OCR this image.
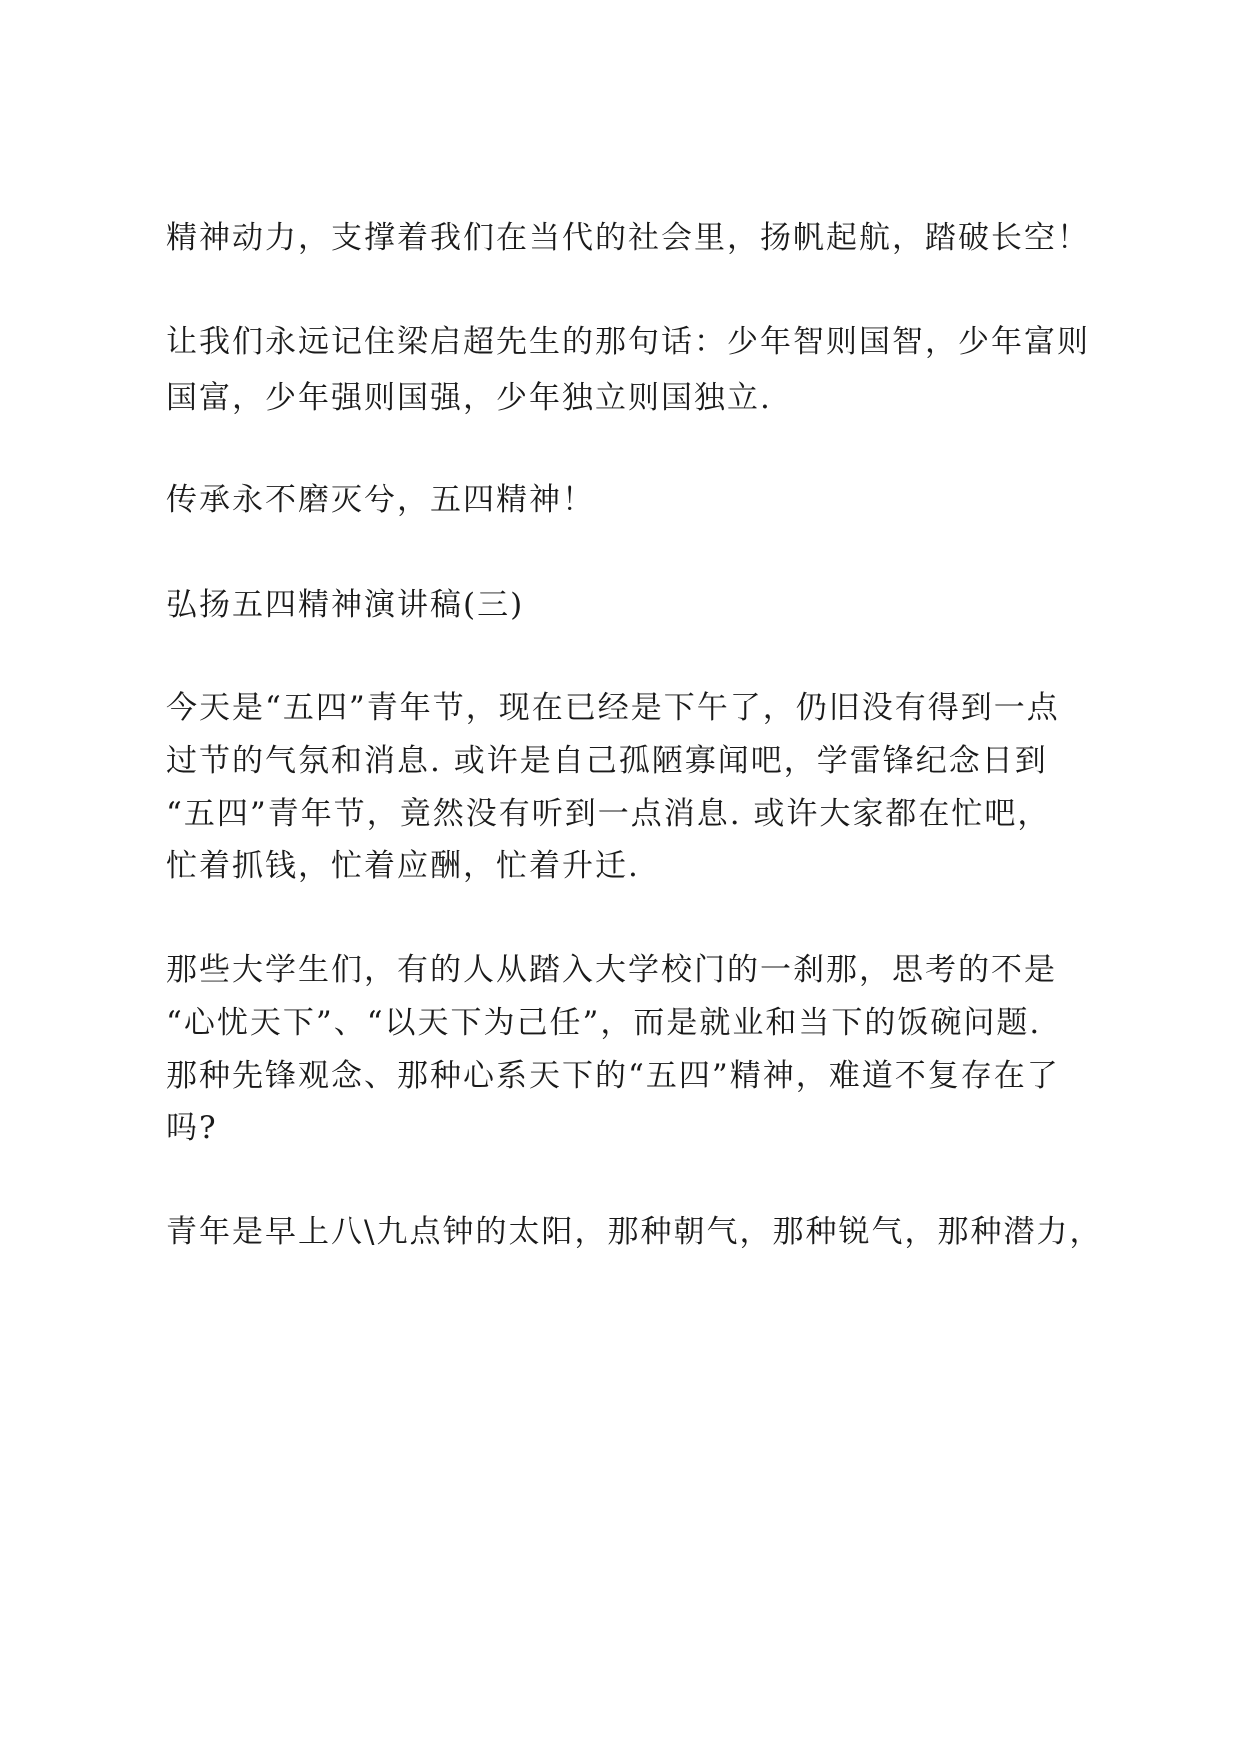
精神动力，支撑着我们在当代的社会里，扬帆起航，踏破长空！
让我们永远记住梁启超先生的那句话：少年智则国智，少年富则
国富，少年强则国强，少年独立则国独立.
传承永不磨灭兮，五四精神！
弘扬五四精神演讲稿(三)
今天是“五四”青年节，现在已经是下午了，仍旧没有得到一点
过节的气氛和消息. 或许是自己孤陋寡闻吧，学雷锋纪念日到
“五四”青年节，竟然没有听到一点消息. 或许大家都在忙吧，
忙着抓钱，忙着应酬，忙着升迁.
那些大学生们，有的人从踏入大学校门的一刹那，思考的不是
“心忧天下”、“以天下为己任”，而是就业和当下的饭碗问题.
那种先锋观念、那种心系天下的“五四”精神，难道不复存在了
吗?
青年是早上八\九点钟的太阳，那种朝气，那种锐气，那种潜力，
